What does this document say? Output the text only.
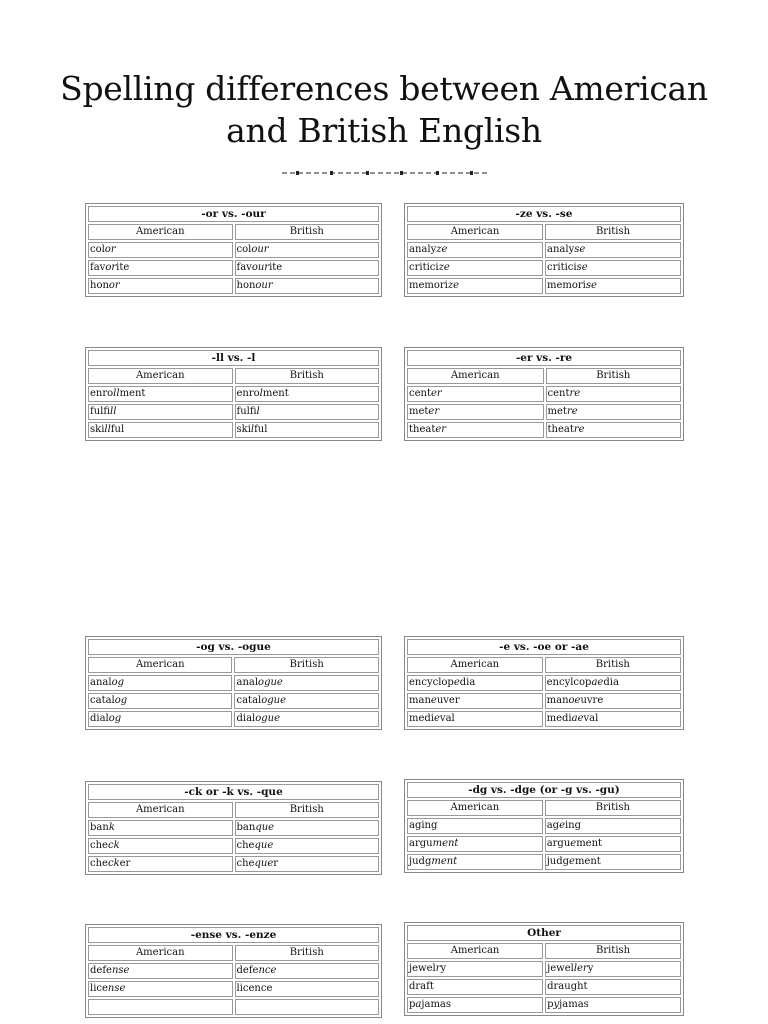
Spelling differences between American
and British English
-or vs. -our	
American	British
color	colour
favorite	favourite
honor	honour
-ze vs. -se	
American	British
analyze	analyse
criticize	criticise
memorize	memorise
-ll vs. -l	
American	British
enrollment	enrolment
fulfill	fulfil
skillful	skilful
-er vs. -re	
American	British
center	centre
meter	metre
theater	theatre
-og vs. -ogue	
American	British
analog	analogue
catalog	catalogue
dialog	dialogue
-e vs. -oe or -ae	
American	British
encyclopedia	encylcopaedia
maneuver	manoeuvre
medieval	mediaeval
-ck or -k vs. -que	
American	British
bank	banque
check	cheque
checker	chequer
-dg vs. -dge (or -g vs. -gu)	
American	British
aging	ageing
argument	arguement
judgment	judgement
-ense vs. -enze	
American	British
defense	defence
license	licence

Other	
American	British
jewelry	jewellery
draft	draught
pajamas	pyjamas
